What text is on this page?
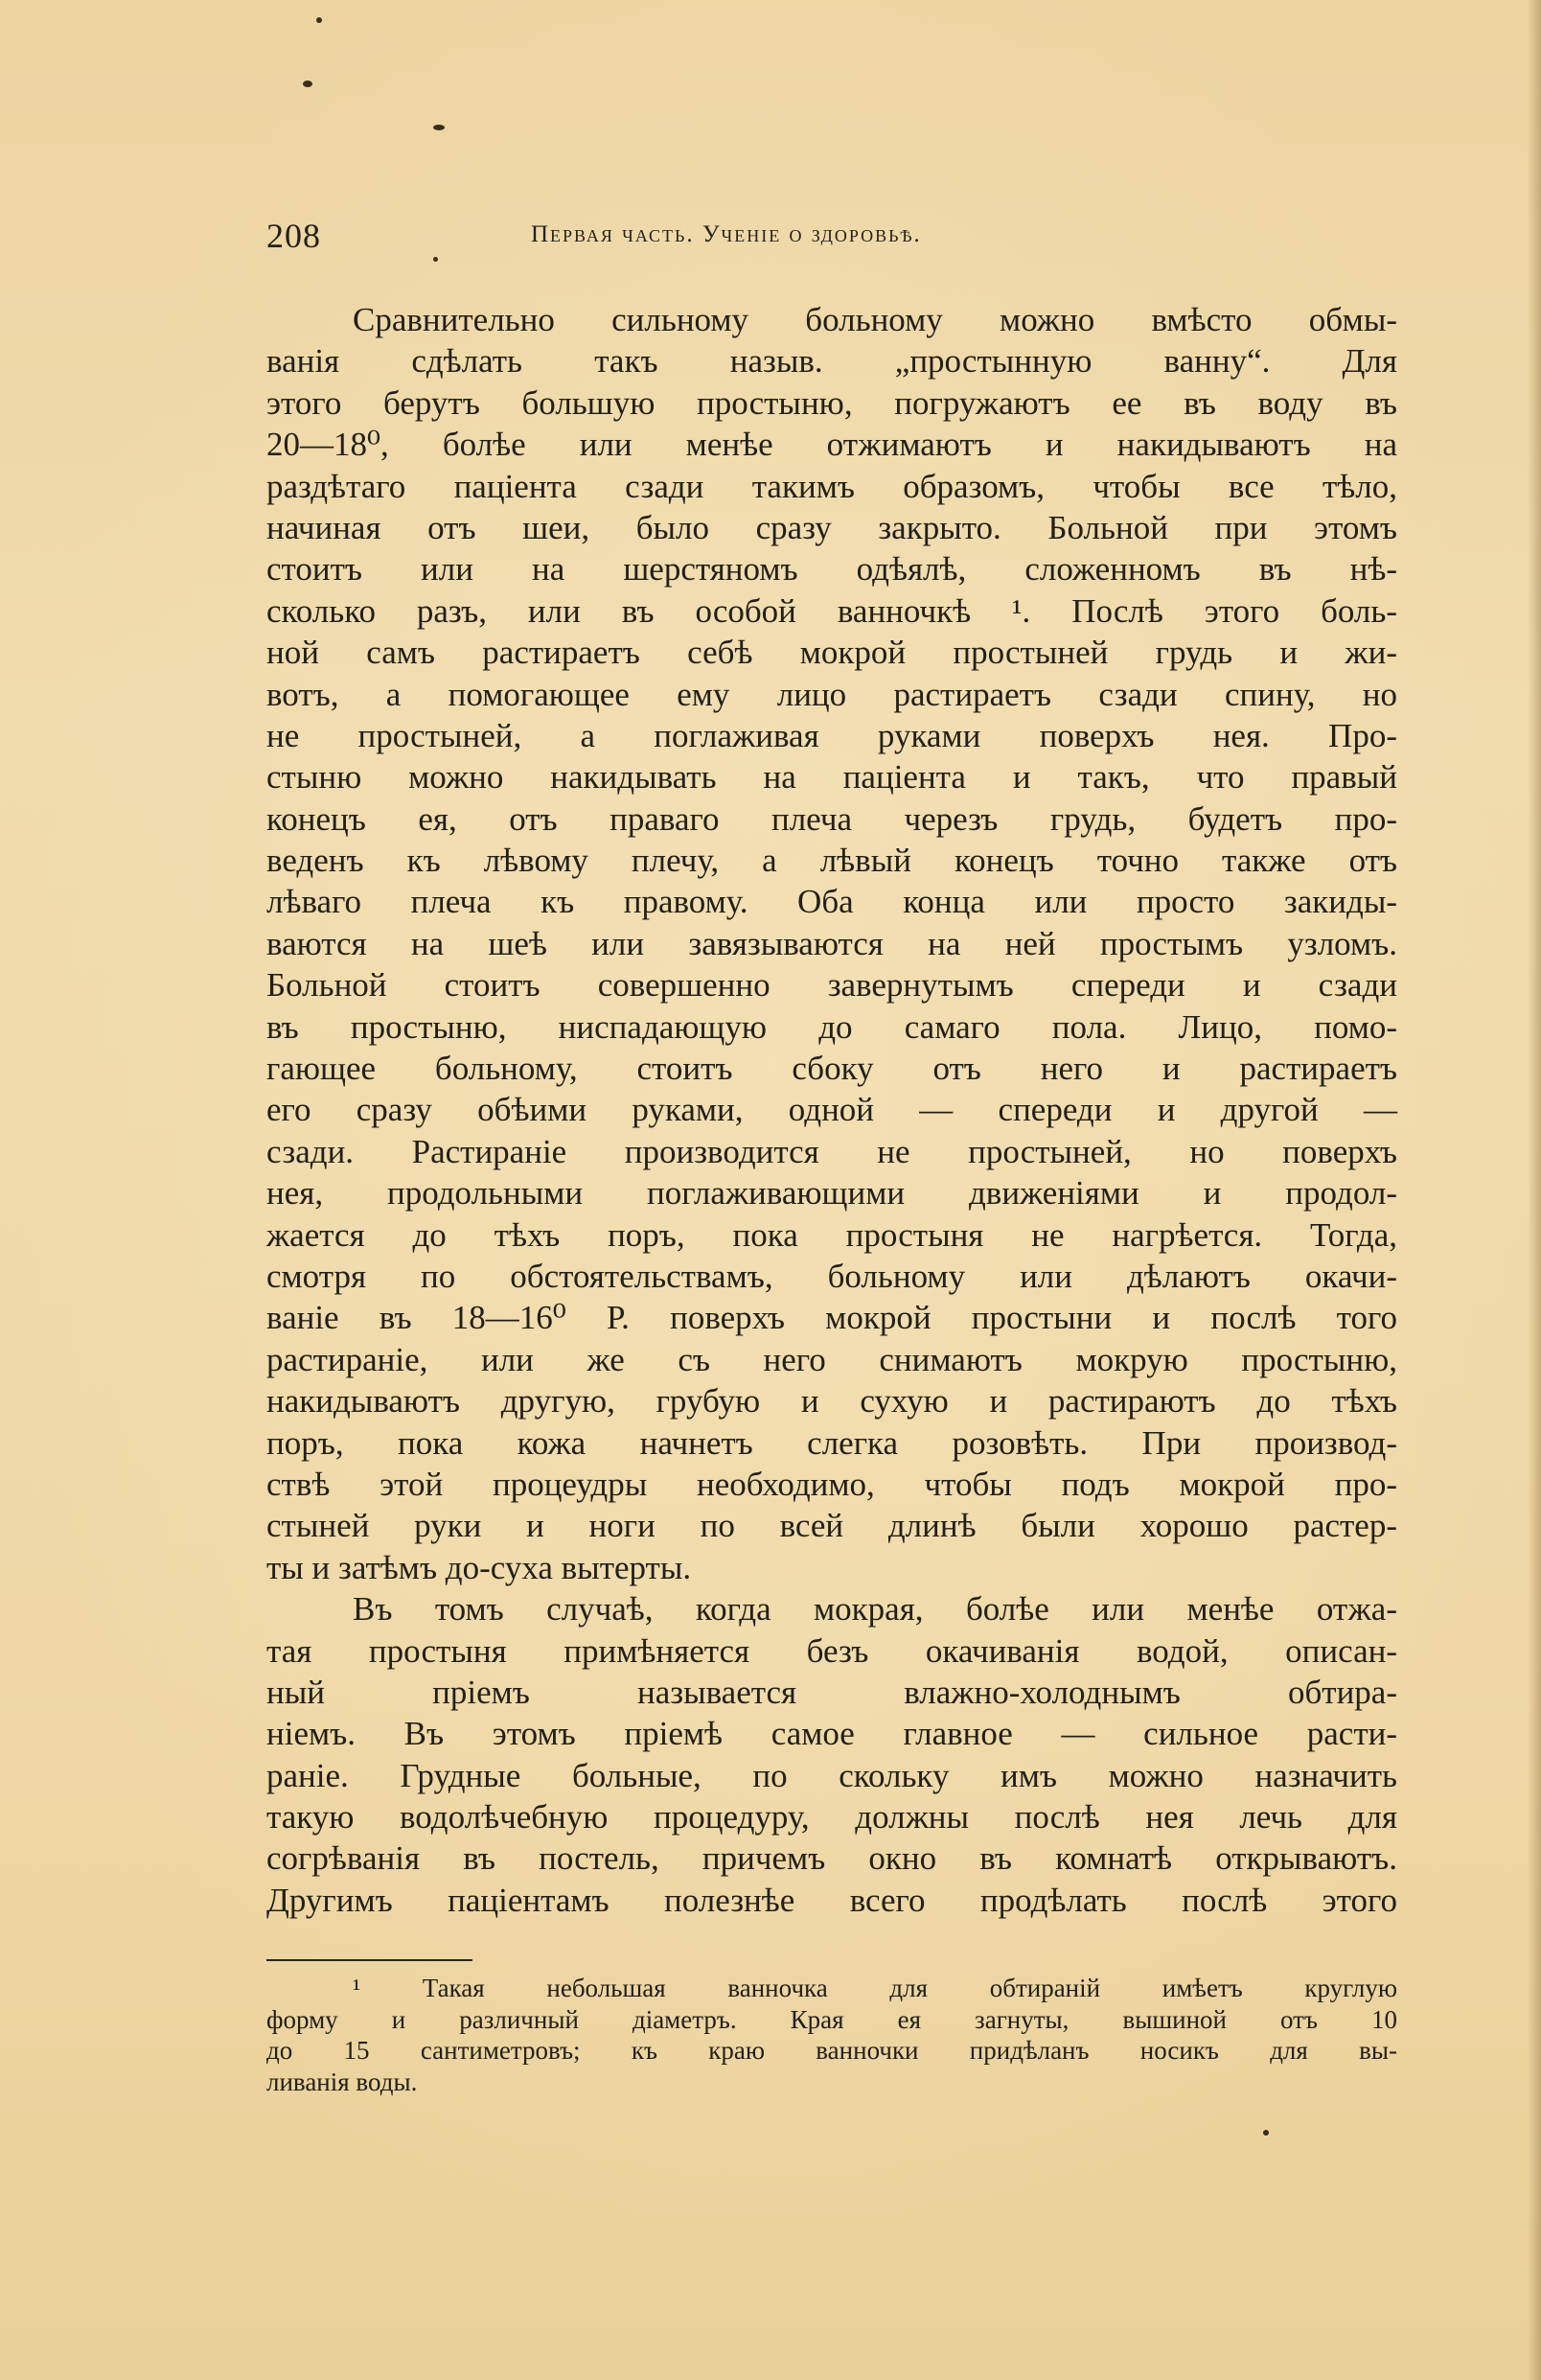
208	Первая часть. Ученіе о здоровьѣ.
Сравнительно сильному больному можно вмѣсто обмы-
ванія сдѣлать такъ назыв. „простынную ванну“. Для
этого берутъ большую простыню, погружаютъ ее въ воду въ
20—18⁰, болѣе или менѣе отжимаютъ и накидываютъ на
раздѣтаго паціента сзади такимъ образомъ, чтобы все тѣло,
начиная отъ шеи, было сразу закрыто. Больной при этомъ
стоитъ или на шерстяномъ одѣялѣ, сложенномъ въ нѣ-
сколько разъ, или въ особой ванночкѣ ¹. Послѣ этого боль-
ной самъ растираетъ себѣ мокрой простыней грудь и жи-
вотъ, а помогающее ему лицо растираетъ сзади спину, но
не простыней, а поглаживая руками поверхъ нея. Про-
стыню можно накидывать на паціента и такъ, что правый
конецъ ея, отъ праваго плеча черезъ грудь, будетъ про-
веденъ къ лѣвому плечу, а лѣвый конецъ точно также отъ
лѣваго плеча къ правому. Оба конца или просто закиды-
ваются на шеѣ или завязываются на ней простымъ узломъ.
Больной стоитъ совершенно завернутымъ спереди и сзади
въ простыню, ниспадающую до самаго пола. Лицо, помо-
гающее больному, стоитъ сбоку отъ него и растираетъ
его сразу обѣими руками, одной — спереди и другой —
сзади. Растираніе производится не простыней, но поверхъ
нея, продольными поглаживающими движеніями и продол-
жается до тѣхъ поръ, пока простыня не нагрѣется. Тогда,
смотря по обстоятельствамъ, больному или дѣлаютъ окачи-
ваніе въ 18—16⁰ Р. поверхъ мокрой простыни и послѣ того
растираніе, или же съ него снимаютъ мокрую простыню,
накидываютъ другую, грубую и сухую и растираютъ до тѣхъ
поръ, пока кожа начнетъ слегка розовѣть. При производ-
ствѣ этой процеудры необходимо, чтобы подъ мокрой про-
стыней руки и ноги по всей длинѣ были хорошо растер-
ты и затѣмъ до-суха вытерты.
Въ томъ случаѣ, когда мокрая, болѣе или менѣе отжа-
тая простыня примѣняется безъ окачиванія водой, описан-
ный пріемъ называется влажно-холоднымъ обтира-
ніемъ. Въ этомъ пріемѣ самое главное — сильное расти-
раніе. Грудные больные, по скольку имъ можно назначить
такую водолѣчебную процедуру, должны послѣ нея лечь для
согрѣванія въ постель, причемъ окно въ комнатѣ открываютъ.
Другимъ паціентамъ полезнѣе всего продѣлать послѣ этого
¹ Такая небольшая ванночка для обтираній имѣетъ круглую
форму и различный діаметръ. Края ея загнуты, вышиной отъ 10
до 15 сантиметровъ; къ краю ванночки придѣланъ носикъ для вы-
ливанія воды.
